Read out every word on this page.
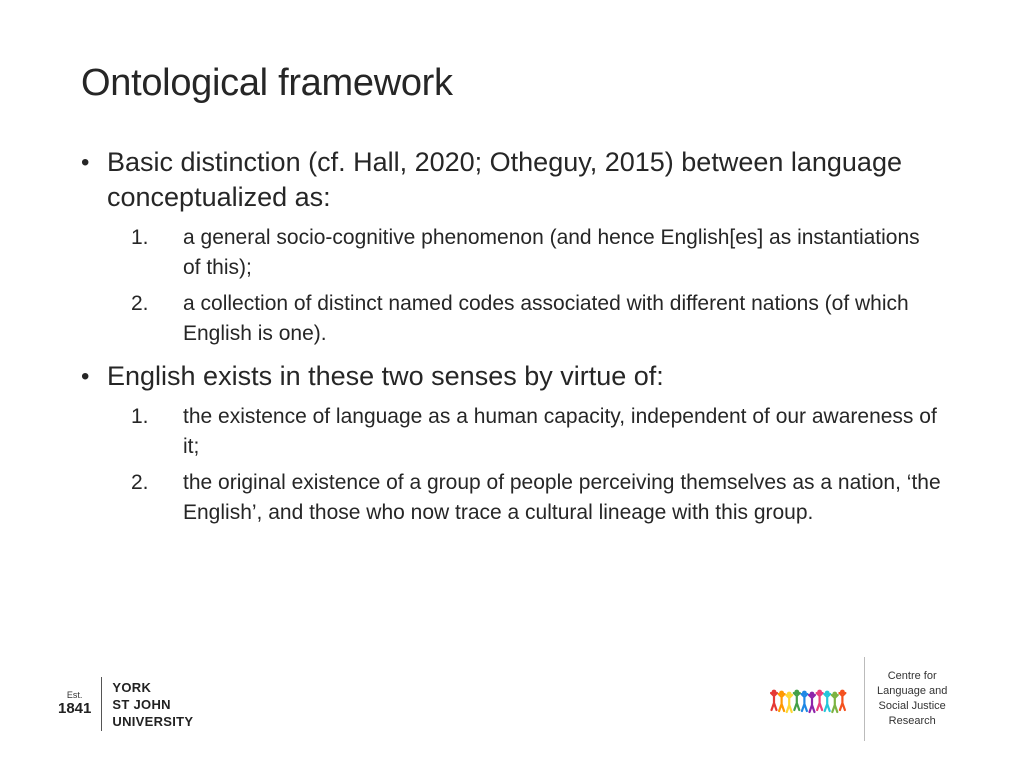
Ontological framework
• Basic distinction (cf. Hall, 2020; Otheguy, 2015) between language conceptualized as:
1. a general socio-cognitive phenomenon (and hence English[es] as instantiations of this);
2. a collection of distinct named codes associated with different nations (of which English is one).
• English exists in these two senses by virtue of:
1. the existence of language as a human capacity, independent of our awareness of it;
2. the original existence of a group of people perceiving themselves as a nation, ‘the English’, and those who now trace a cultural lineage with this group.
Est.
1841
YORK
ST JOHN
UNIVERSITY
Centre for
Language and
Social Justice
Research
